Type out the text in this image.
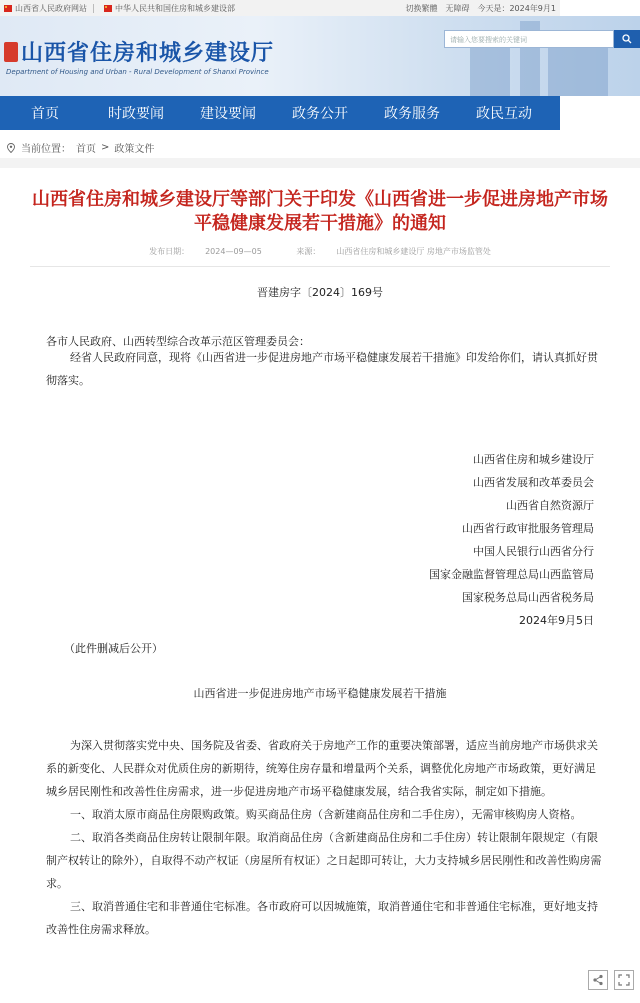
山西省人民政府网站	中华人民共和国住房和城乡建设部	切换繁體 无障碍 今天是：2024年9月1
山西省住房和城乡建设厅
Department of Housing and Urban - Rural Development of Shanxi Province
请输入您要搜索的关键词
首页	时政要闻	建设要闻	政务公开	政务服务	政民互动
当前位置： 首页 > 政策文件
山西省住房和城乡建设厅等部门关于印发《山西省进一步促进房地产市场 平稳健康发展若干措施》的通知
发布日期： 2024—09—05	来源： 山西省住房和城乡建设厅 房地产市场监管处
晋建房字〔2024〕169号
各市人民政府、山西转型综合改革示范区管理委员会：
经省人民政府同意，现将《山西省进一步促进房地产市场平稳健康发展若干措施》印发给你们，请认真抓好贯彻落实。
山西省住房和城乡建设厅
山西省发展和改革委员会
山西省自然资源厅
山西省行政审批服务管理局
中国人民银行山西省分行
国家金融监督管理总局山西监管局
国家税务总局山西省税务局
2024年9月5日
（此件删减后公开）
山西省进一步促进房地产市场平稳健康发展若干措施

为深入贯彻落实党中央、国务院及省委、省政府关于房地产工作的重要决策部署，适应当前房地产市场供求关系的新变化、人民群众对优质住房的新期待，统筹住房存量和增量两个关系，调整优化房地产市场政策，更好满足城乡居民刚性和改善性住房需求，进一步促进房地产市场平稳健康发展，结合我省实际，制定如下措施。

一、取消太原市商品住房限购政策。购买商品住房（含新建商品住房和二手住房），无需审核购房人资格。

二、取消各类商品住房转让限制年限。取消商品住房（含新建商品住房和二手住房）转让限制年限规定（有限制产权转让的除外），自取得不动产权证（房屋所有权证）之日起即可转让，大力支持城乡居民刚性和改善性购房需求。

三、取消普通住宅和非普通住宅标准。各市政府可以因城施策，取消普通住宅和非普通住宅标准，更好地支持改善性住房需求释放。
